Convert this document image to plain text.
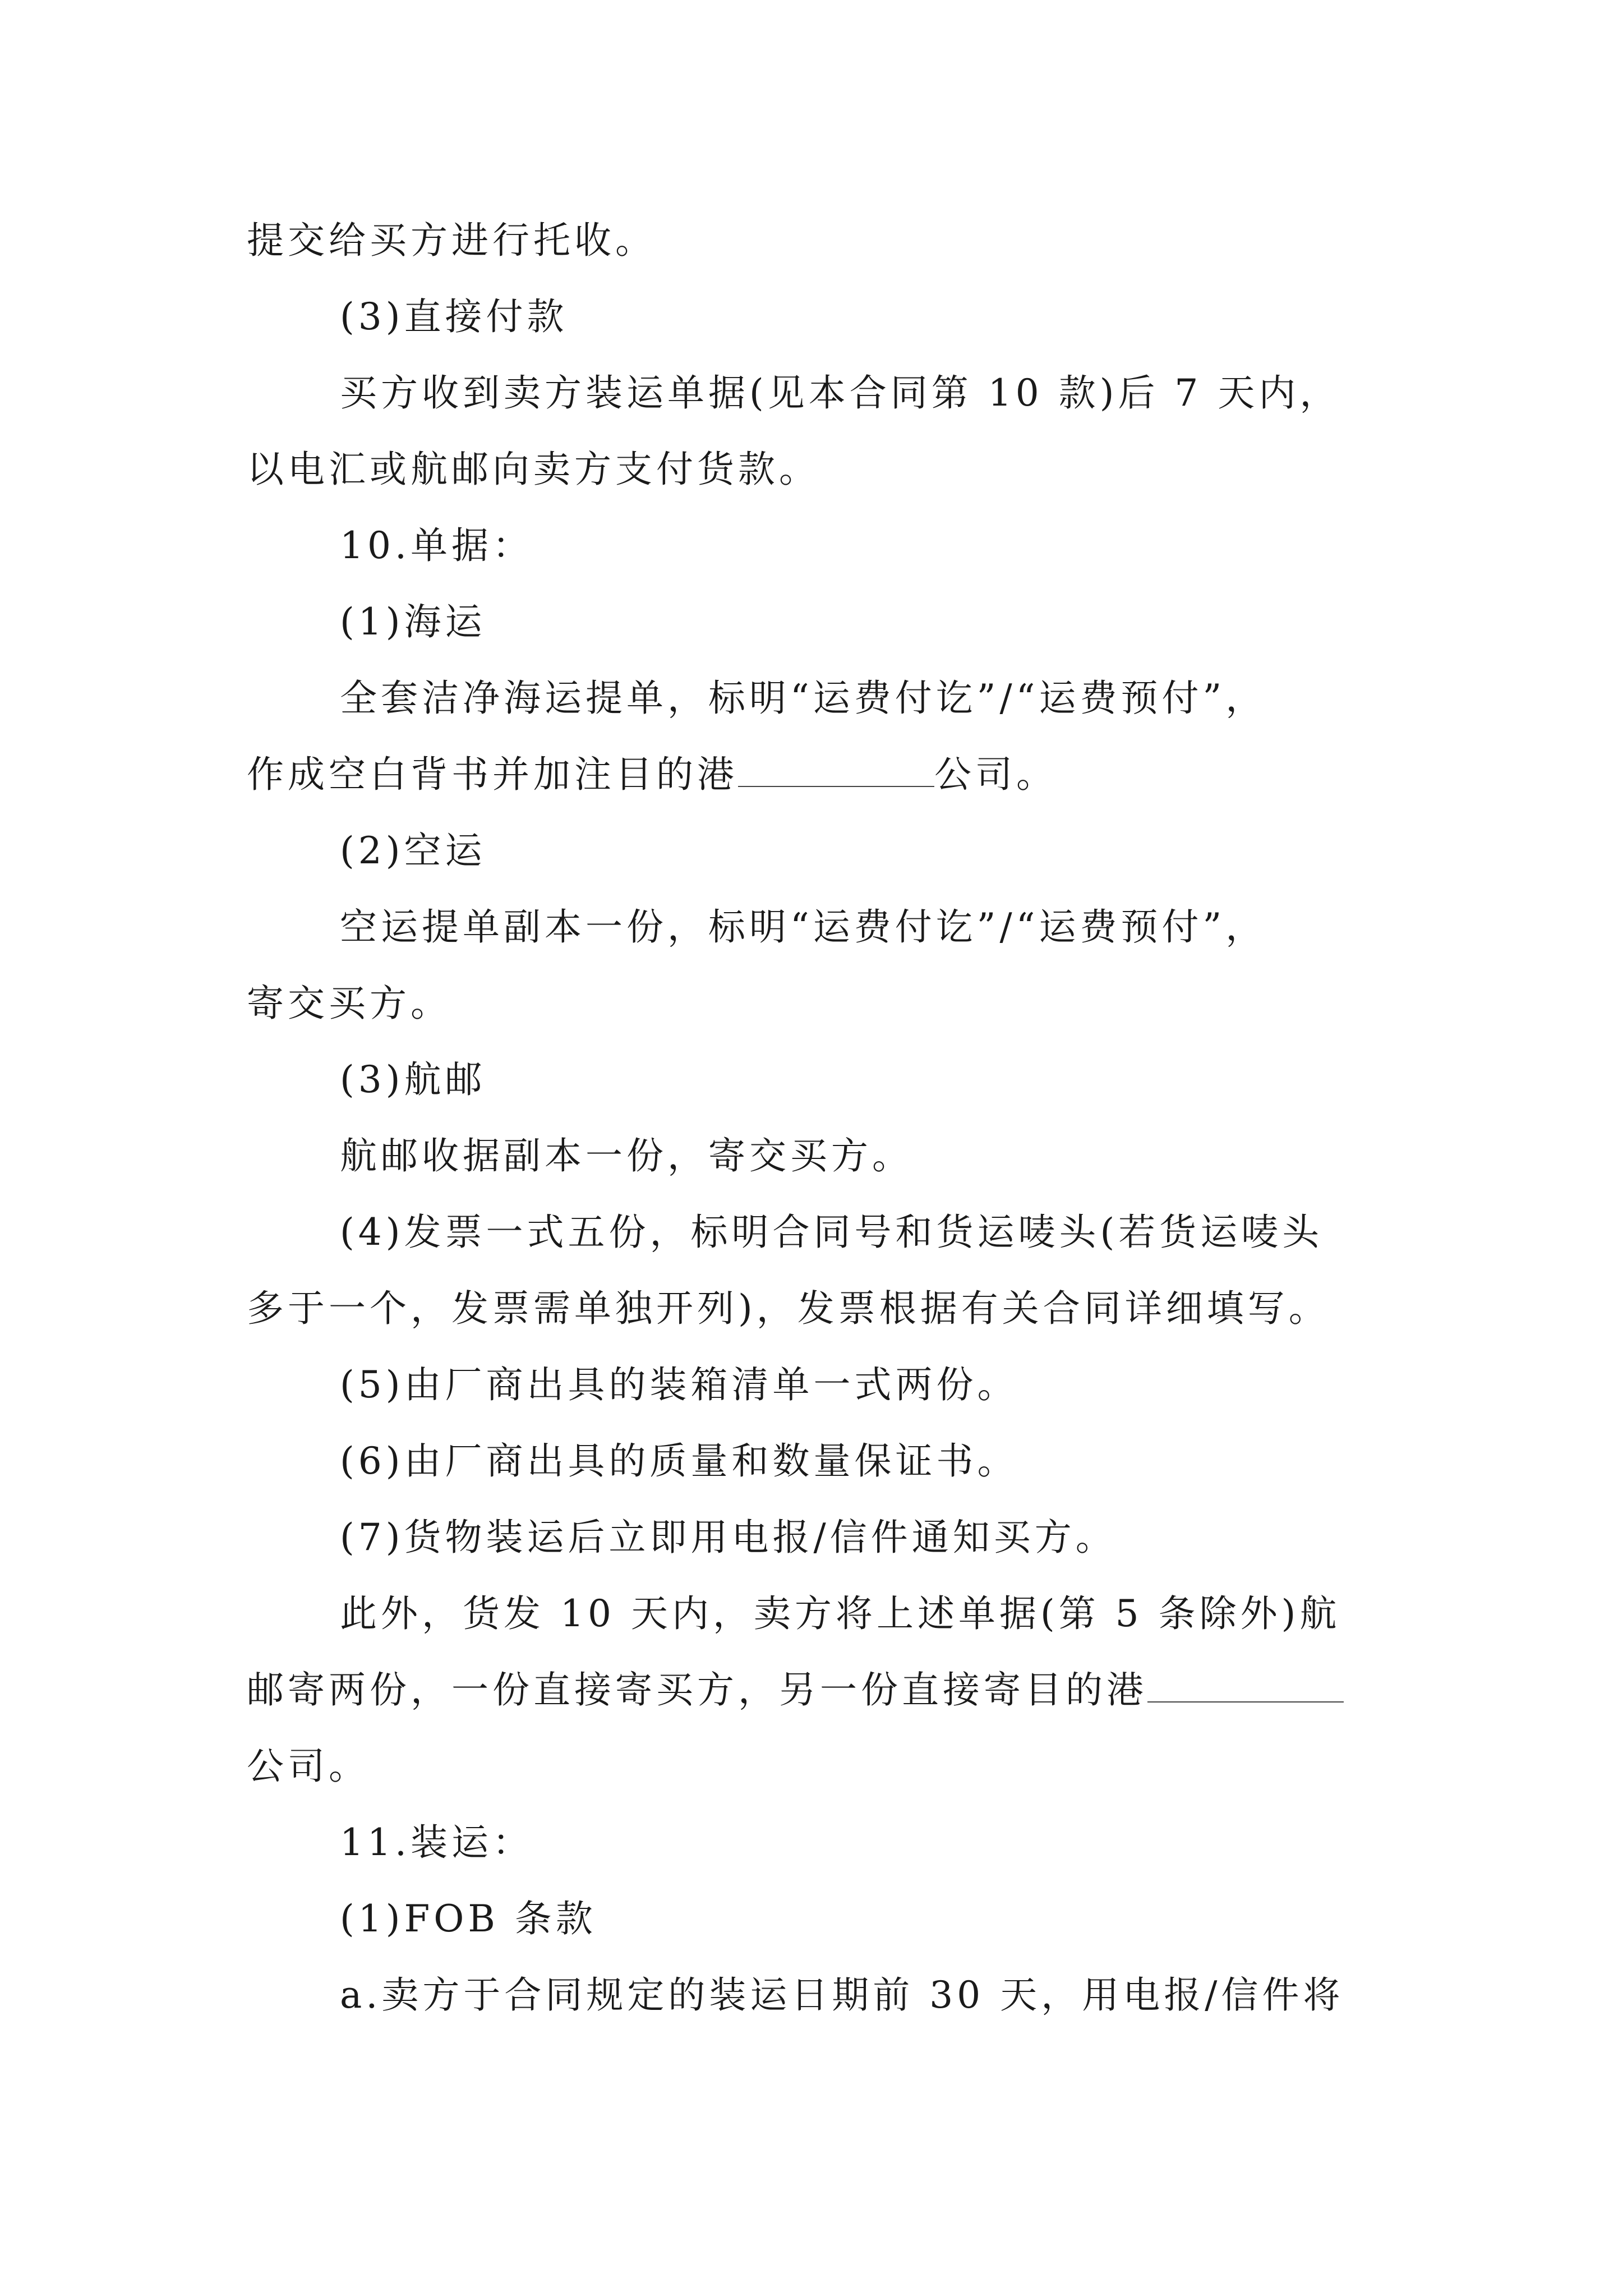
提交给买方进行托收。
(3)直接付款
买方收到卖方装运单据(见本合同第 10 款)后 7 天内，
以电汇或航邮向卖方支付货款。
10.单据：
(1)海运
全套洁净海运提单，标明“运费付讫”/“运费预付”，
作成空白背书并加注目的港	公司。
(2)空运
空运提单副本一份，标明“运费付讫”/“运费预付”，
寄交买方。
(3)航邮
航邮收据副本一份，寄交买方。
(4)发票一式五份，标明合同号和货运唛头(若货运唛头
多于一个，发票需单独开列)，发票根据有关合同详细填写。
(5)由厂商出具的装箱清单一式两份。
(6)由厂商出具的质量和数量保证书。
(7)货物装运后立即用电报/信件通知买方。
此外，货发 10 天内，卖方将上述单据(第 5 条除外)航
邮寄两份，一份直接寄买方，另一份直接寄目的港
公司。
11.装运：
(1)FOB 条款
a.卖方于合同规定的装运日期前 30 天，用电报/信件将
